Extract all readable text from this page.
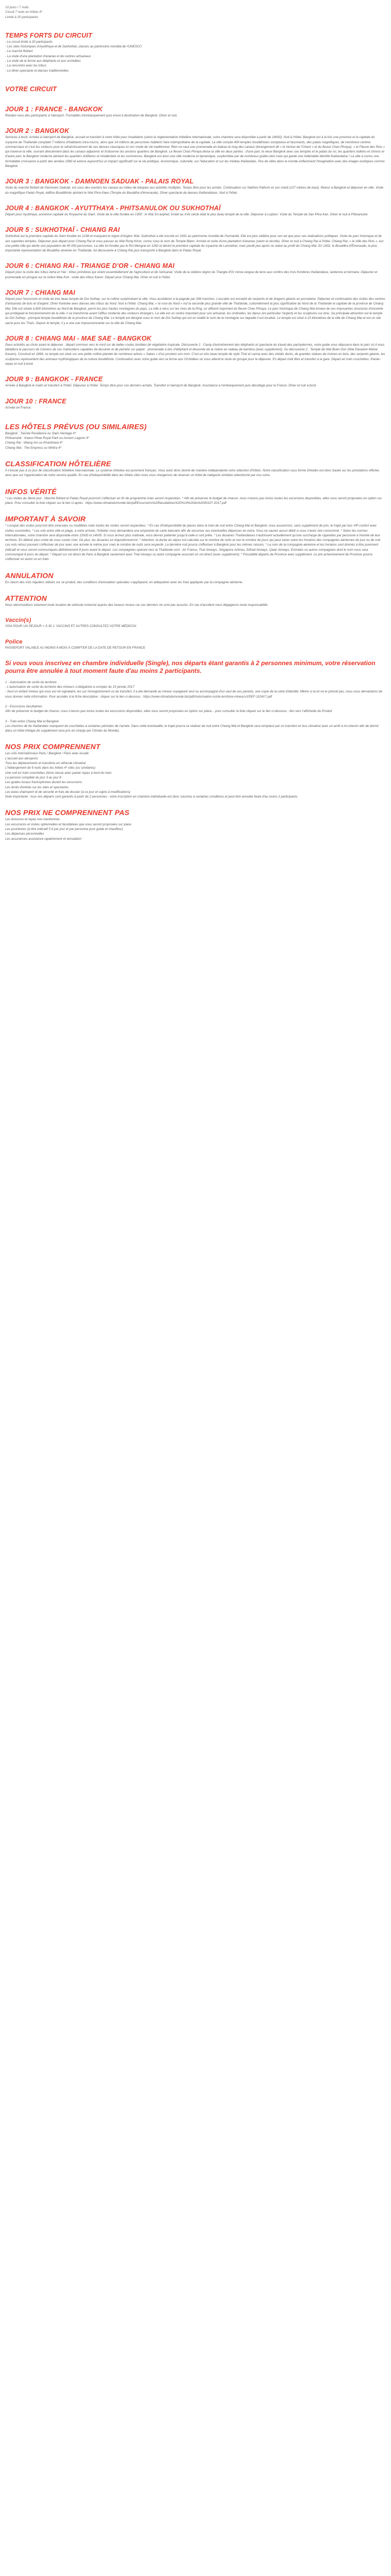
10 jours / 7 nuits.

Circuit 7 nuits en hôtels 4*.

Limité à 20 participants.

TEMPS FORTS DU CIRCUIT

- Le circuit limité à 20 participants

- Les sites historiques d'Ayutthaya et de Sukhothaï, classés au patrimoine mondial de l'UNESCO

- Le marché flottant

- La visite d'une plantation d'ananas et de centres artisanaux

- La visite de la ferme aux éléphants et aux orchidées

- La rencontre avec les tribus

- Le dîner-spectacle et danses traditionnelles

VOTRE CIRCUIT
JOUR 1 : FRANCE - BANGKOK

Rendez-vous des participants à l'aéroport. Formalités d'embarquement puis envol à destination de Bangkok. Dîner et nuit.

JOUR 2 : BANGKOK

Services à bord. Arrivée à l'aéroport de Bangkok, accueil et transfert à votre hôtel pour installation (selon la réglementation hôtelière internationale, votre chambre sera disponible à partir de 14h00). Nuit à l'hôtel. Bangkok est à la fois une province et la capitale du royaume de Thaïlande comptant 7 millions d'habitants intra-muros, alors que 14 millions de personnes habitent l'aire métropolitaine de la capitale. La ville compte 400 temples bouddhistes somptueux et fascinants, des palais magnifiques, de nombreux centres commerciaux et c'est les visiteurs pour le rafraîchissement de ses danses classiques et son mode de vie traditionnel. Rien ne vaut une promenade en bateau le long des canaux (étrangement dit « la Venise de l'Orient » et du fleuve Chao Phraya). « le Fleuve des Rois » qui traverse la ville, ouvrant directement dans les canaux adjacents et d'observer les anciens quartiers de Bangkok. Le fleuve Chao Phraya divise la ville en deux parties : d'une part, le vieux Bangkok avec ses temples et le palais du roi, les quartiers indiens et chinois et d'autre part, le Bangkok moderne abritant les quartiers d'affaires et résidentiels et les commerces. Bangkok est ainsi une ville moderne et dynamique, surplombée par de nombreux gratte-ciels mais qui garde une indéniable identité thaïlandaise ! La ville a connu une formidable croissance à partir des années 1960 et exerce aujourd'hui un impact significatif sur la vie politique, économique, culturelle, sur l'éducation et sur les médias thaïlandais. Peu de villes dans le monde enflamment l'imagination avec des images exotiques comme Bangkok.

JOUR 3 : BANGKOK - DAMNOEN SADUAK - PALAIS ROYAL

Visite du marché flottant de Damnoen Saduak, est sous des ouvriers les canaux au milieu de barques aux activités multiples. Temps libre pour les achats. Continuation sur Nakhon Pathom et son chedi (127 mètres de haut). Retour à Bangkok et déjeuner en ville. Visite du magnifique Palais Royal, édifice Bouddhiste abritant le Wat Phra Kaeo (Temple du Bouddha d'émeraude). Dîner-spectacle de danses thaïlandaises. Nuit à l'hôtel.

JOUR 4 : BANGKOK - AYUTTHAYA - PHITSANULOK OU SUKHOTHAÏ

Départ pour Ayutthaya, ancienne capitale du Royaume du Siam. Visite de la ville fondée en 1350 : le Wat Sri-anphet, fondé au XVe siècle était le plus beau temple de la ville. Déjeuner à Lopburi. Visite du Temple de San Phra Kan. Dîner et nuit à Phitsanulok.

JOUR 5 : SUKHOTHAÏ - CHIANG RAI

Sukhothaï est la première capitale du Siam fondée en 1238 et marquant le règne d'Angkor Wat. Sukhothaï a été inscrite en 1991 au patrimoine mondial de l'humanité. Elle est plus célèbre pour son art que pour ses réalisations politiques. Visite du parc historique et de ses superbes temples. Déjeuner puis départ pour Chiang Rai et vous passez au Wat Rong Khun, connu sous le nom de Temple Blanc. Arrivée et visite d'une plantation d'ananas (selon la récolte). Dîner et nuit à Chiang Rai à l'hôtel. Chiang Rai, « la Ville des Rois », est une petite ville qui abrite une population de 65 000 personnes. La ville fut fondée par le Roi Mengrai en 1262 et devint la première capitale du royaume de Lannathai, mais perdit peu après ce statut au profit de Chiang Mai. En 1432, le Bouddha d'Émeraude, la plus importante représentation de Bouddha vénérée en Thaïlande, fut découverte à Chiang Rai puis transporté à Bangkok dans le Palais Royal.

JOUR 6 : CHIANG RAI - TRIANGE D'OR - CHIANG MAI

Départ pour la visite des tribus Akha et Yao : tribus primitives qui vivent essentiellement de l'agriculture et de l'artisanat. Visite de la célèbre région du Triangle d'Or mince langue de terre aux confins des trois frontières thaïlandaise, laotienne et birmane. Déjeuner et promenade en pirogue sur la rivière Mae Kok ; visite des tribus Karen. Départ pour Chiang Mai. Dîner et nuit à l'hôtel.

JOUR 7 : CHIANG MAI

Départ pour l'excursion et visite du très beau temple de Doi Suthep, sur la colline surplombant la ville. Vous accéderez à la pagode par 306 marches. L'escalier est encadré de serpents et de dragons géants en porcelaine. Déjeuner et continuation des visites des centres d'artisanats de bois et d'argent. Dîner Kantoke avec danses des tribus du Nord. Nuit à l'hôtel. Chiang Mai, « la rose du Nord » est la seconde plus grande ville de Thaïlande, culturellement la plus significative du Nord de la Thaïlande et capitale de la province de Chiang Mai. Elle est située à 800 kilomètres au Nord de Bangkok, parmi les plus hautes montagnes du pays. La ville a vécu sur les rives de la Ping, un affluent important du fleuve Chao Phraya. Le parc historique de Chiang Mai émane de ses imposantes structures d'enceinte qui protégeait le fonctionnement de la ville, il se transforme avant l'afflux moderne des visiteurs étrangers. La ville est un centre important pour son artisanat, les ombrelles, les bijoux (en particulier l'argent) et les sculptures sur bois. Sa principale attraction est le temple du Doi Suthep : principal temple bouddhiste de la province de Chiang Mai. Le temple est désigné sous le nom de Doi Suthep qui est en réalité le nom de la montagne sur laquelle il est localisé. Le temple est situé à 15 kilomètres de la ville de Chiang Mai et est un site sacré pour les Thaïs. Depuis le temple, il y a une vue impressionnante sur la ville de Chiang Mai.

JOUR 8 : CHIANG MAI - MAE SAE - BANGKOK

Deux activités au choix avant le déjeuner : départ commun vers le nord sur de belles routes bordées de végétation tropicale. Découverte 1 : Camp d'entraînement des éléphants et spectacle du travail des pachydermes, votre guide vous déposera dans le parc où il vous détaillera le parcours de l'univers de ces mahoutiens capables de dessiner et de peindre sur papier : promenade à dos d'éléphant et descente de la rivière en radeau de bambou (avec supplément). Ou découverte 2 : Temple de Wat Buen Don (Wat Darawire Mahat Kasem). Construit en 1894, ce temple est situé sur une petite colline plantée de nombreux arbres « Sakes » d'où provient son nom. C'est un très beau temple de style Thaï et Lanna avec des chédis dorés, de grandes statues de moines en bois, des serpents géants, les sculptures représentent des animaux mythologiques de la culture bouddhiste. Continuation avec votre guide vers la ferme aux Orchidées où vous attend le reste du groupe pour le déjeuner. En départ midi libre et transfert à la gare. Départ en train couchettes. Panier-repas et nuit à bord.

JOUR 9 : BANGKOK - FRANCE

Arrivée à Bangkok le matin et transfert à l'hôtel. Déjeuner à l'hôtel. Temps libre pour vos derniers achats. Transfert à l'aéroport de Bangkok. Assistance à l'embarquement puis décollage pour la France. Dîner et nuit à bord.

JOUR 10 : FRANCE

Arrivée en France.

LES HÔTELS PRÉVUS (OU SIMILAIRES)

Bangkok : Twonte Residence ou Siam Heritage 4*

Phitsanulok : Kaeon Phee Royal Park ou Amarin Lagoon 4*

Chiang Rai : Wiang Inn ou Khanthana 4*

Chiang Mai : The Empress ou Wiritra 4*

CLASSIFICATION HÔTELIÈRE

Il n'existe pas à ce jour de classification hôtelière internationale. Le système d'étoiles est purement français. Vous avez donc donné de manière indépendante votre sélection d'hôtels. Notre classification sous forme d'étoiles est donc basée sur les prestations offertes ainsi que sur l'appréciation de notre service qualité. En cas d'indisponibilité dans les hôtels cités nous vous chargerons de réserver un hôtel de catégorie similaire sélectionné par nos soins.

INFOS VÉRITÉ

* Les visites du 3ème jour : Marché flottant et Palais Royal pourront s'effectuer en fin de programme mais seront respectées. * Afin de préserver le budget de chacun, nous n'avons pas inclus toutes les excursions disponibles, elles vous seront proposées en option sur place. Pour consulter la liste cliquez sur le lien ci-après : https://www.climatsdumonde.biz/pdf/Excursions%20facultatives%20%19%20du%2000107-2017.pdf

IMPORTANT À SAVOIR

* Lorsque des visites pourront être inversées ou modifiées mais toutes les visites seront respectées. * En cas d'indisponibilité de places dans le train de nuit entre Chiang Mai et Bangkok, nous assurerons, sans supplément de prix, le trajet par bus VIP confort avec visites couchettes. * Les vols entre ville et plage, à votre arrivée, l'hôtelier vous demandera une empreinte de carte bancaire afin de sécuriser ses éventuelles dépenses en extra. Vous ne saurez aucun débit si vous n'avez rien consommé. * Selon les normes internationales, votre chambre sera disponible entre 12h00 et 14h00. Si vous arrivez plus matinale, vous devrez patienter jusqu'à celle-ci soit prête. * Les douanes Thaïlandaises n'autorisent actuellement qu'une surcharge de cigarettes par personne à l'entrée de leur territoire. En détenir plus coûte de vous couter cher. De plus, les douanes lui réquisitionneront. * Attention, la durée du séjour est calculée sur le nombre de nuits et non le nombre de jours qui peut varier selon les horaires des compagnies aériennes de jour ou de nuit. Les vols retour pouvant s'effectuer de jour avec une arrivée le même jour mais le nombre de nuits sera respecté. La dernière nuit pourra s'effectuer à Bangkok pour les mêmes raisons. * Le nom de la compagnie aérienne et les horaires sont donnés à titre purement indicatif et vous seront communiqués définitivement 8 jours avant le départ. Les compagnies opérant vers la Thaïlande sont : Air France, Thaï Airways, Singapore Airlines, Etihad Airways, Qatar Airways, Emirates ou autres compagnies dont le nom vous sera communiqué 8 jours du départ. * Départ sur vol direct de Paris à Bangkok seulement avec Thaï Airways ou autre compagnie assurant un vol direct (avec supplément). * Possibilité départs de Province avec supplément. Le pré acheminement de Province pourra s'effectuer en avion ou en train.

ANNULATION

En raison des vols réguliers utilisés sur ce produit, des conditions d'annulation spéciales s'appliquent, en adéquation avec les frais appliqués par la compagnie aérienne.

ATTENTION

Nous déconseillons vivement toute location de véhicule motorisé auprès des loueurs locaux car ces derniers ne sont pas assurés. En cas d'accident nous dégageons toute responsabilité.

Vaccin(s)

VISA POUR UN SÉJOUR > À 30 J. VACCINS ET AUTRES CONSULTEZ VOTRE MÉDECIN

Police

PASSEPORT VALABLE AU MOINS 6 MOIS À COMPTER DE LA DATE DE RETOUR EN FRANCE

Si vous vous inscrivez en chambre individuelle (Single), nos départs étant garantis à 2 personnes minimum, votre réservation pourra être annulée à tout moment faute d'au moins 2 participants.

1 - Autorisation de sortie du territoire

- L'autorisation de sortie du territoire des mineurs s'obligatoire à compter du 15 janvier 2017

- Seul un enfant mineur qui vous est né signataire, les sur l'enregistrement ou du transfert, il a été demandé au mineur voyageant seul ou accompagné d'un seul de ses parents, une copie de la carte d'identité. Même si la loi ne le prévoit pas, nous vous demandons de vous donner cette information. Pour accéder à la fiche descriptive : cliquer sur le lien ci-dessous : https://www.climatsdumonde.biz/pdf/Autorisation-sortie-territoire-mineurs/VDEF-110417.pdf

2 - Excursions facultatives

Afin de préserver le budget de chacun, nous n'avons pas inclus toutes les excursions disponibles, elles vous seront proposées en option sur place... pour consulter la liste cliquez sur le lien ci-dessous : lien vers l'affichette du Produit

3 - Train entre Chiang Mai et Bangkok

Les chemins de fer thaïlandais manquent de couchettes à certaines périodes de l'année. Dans cette éventualité, le trajet pourra se réaliser de nuit entre Chiang Mai et Bangkok sera remplacé par un transfert en bus climatisé avec un arrêt à mi-chemin afin de dormir dans un hôtel d'étape (le supplément sera pris en charge par Climats du Monde).

NOS PRIX COMPRENNENT

Les vols internationaux Paris / Bangkok / Paris avec escale

L'accueil aux aéroports

Tous les déplacements et transferts en véhicule climatisé

L'hébergement de 6 nuits dans les hôtels 4* cités (ou similaires)

Une nuit en train couchettes 2ème classe avec panier repas à bord du train

La pension complète du jour 3 au jour 8

Les guides locaux francophones durant les excursions

Les droits d'entrée sur les sites et spectacles

Les taxes d'aéroport et de sécurité et frais de dossier (à ce jour et sujets à modifications)

Note importante : tous nos départs sont garantis à partir de 2 personnes ; votre inscription en chambre individuelle est donc soumise à certaines conditions et peut être annulée faute d'au moins 2 participants.

NOS PRIX NE COMPRENNENT PAS

Les boissons et repas non mentionnés

Les excursions et visites optionnelles et facultatives que vous seront proposées sur place

Les pourboires (à titre indicatif 5 € par jour et par personne pour guide et chauffeur)

Les dépenses personnelles

Les assurances assistance rapatriement et annulation
